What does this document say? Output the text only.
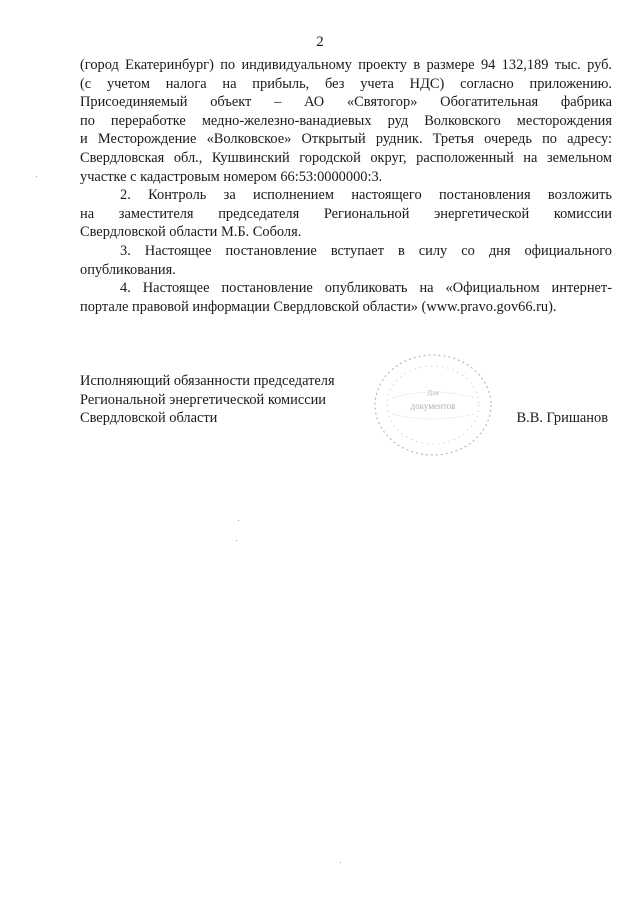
2
(город Екатеринбург) по индивидуальному проекту в размере 94 132,189 тыс. руб.
(с учетом налога на прибыль, без учета НДС) согласно приложению.
Присоединяемый объект – АО «Святогор» Обогатительная фабрика
по переработке медно-железно-ванадиевых руд Волковского месторождения
и Месторождение «Волковское» Открытый рудник. Третья очередь по адресу:
Свердловская обл., Кушвинский городской округ, расположенный на земельном
участке с кадастровым номером 66:53:0000000:3.
2. Контроль за исполнением настоящего постановления возложить
на заместителя председателя Региональной энергетической комиссии
Свердловской области М.Б. Соболя.
3. Настоящее постановление вступает в силу со дня официального
опубликования.
4. Настоящее постановление опубликовать на «Официальном интернет-
портале правовой информации Свердловской области» (www.pravo.gov66.ru).
Исполняющий обязанности председателя
Региональной энергетической комиссии
Свердловской области
Для
документов
В.В. Гришанов
